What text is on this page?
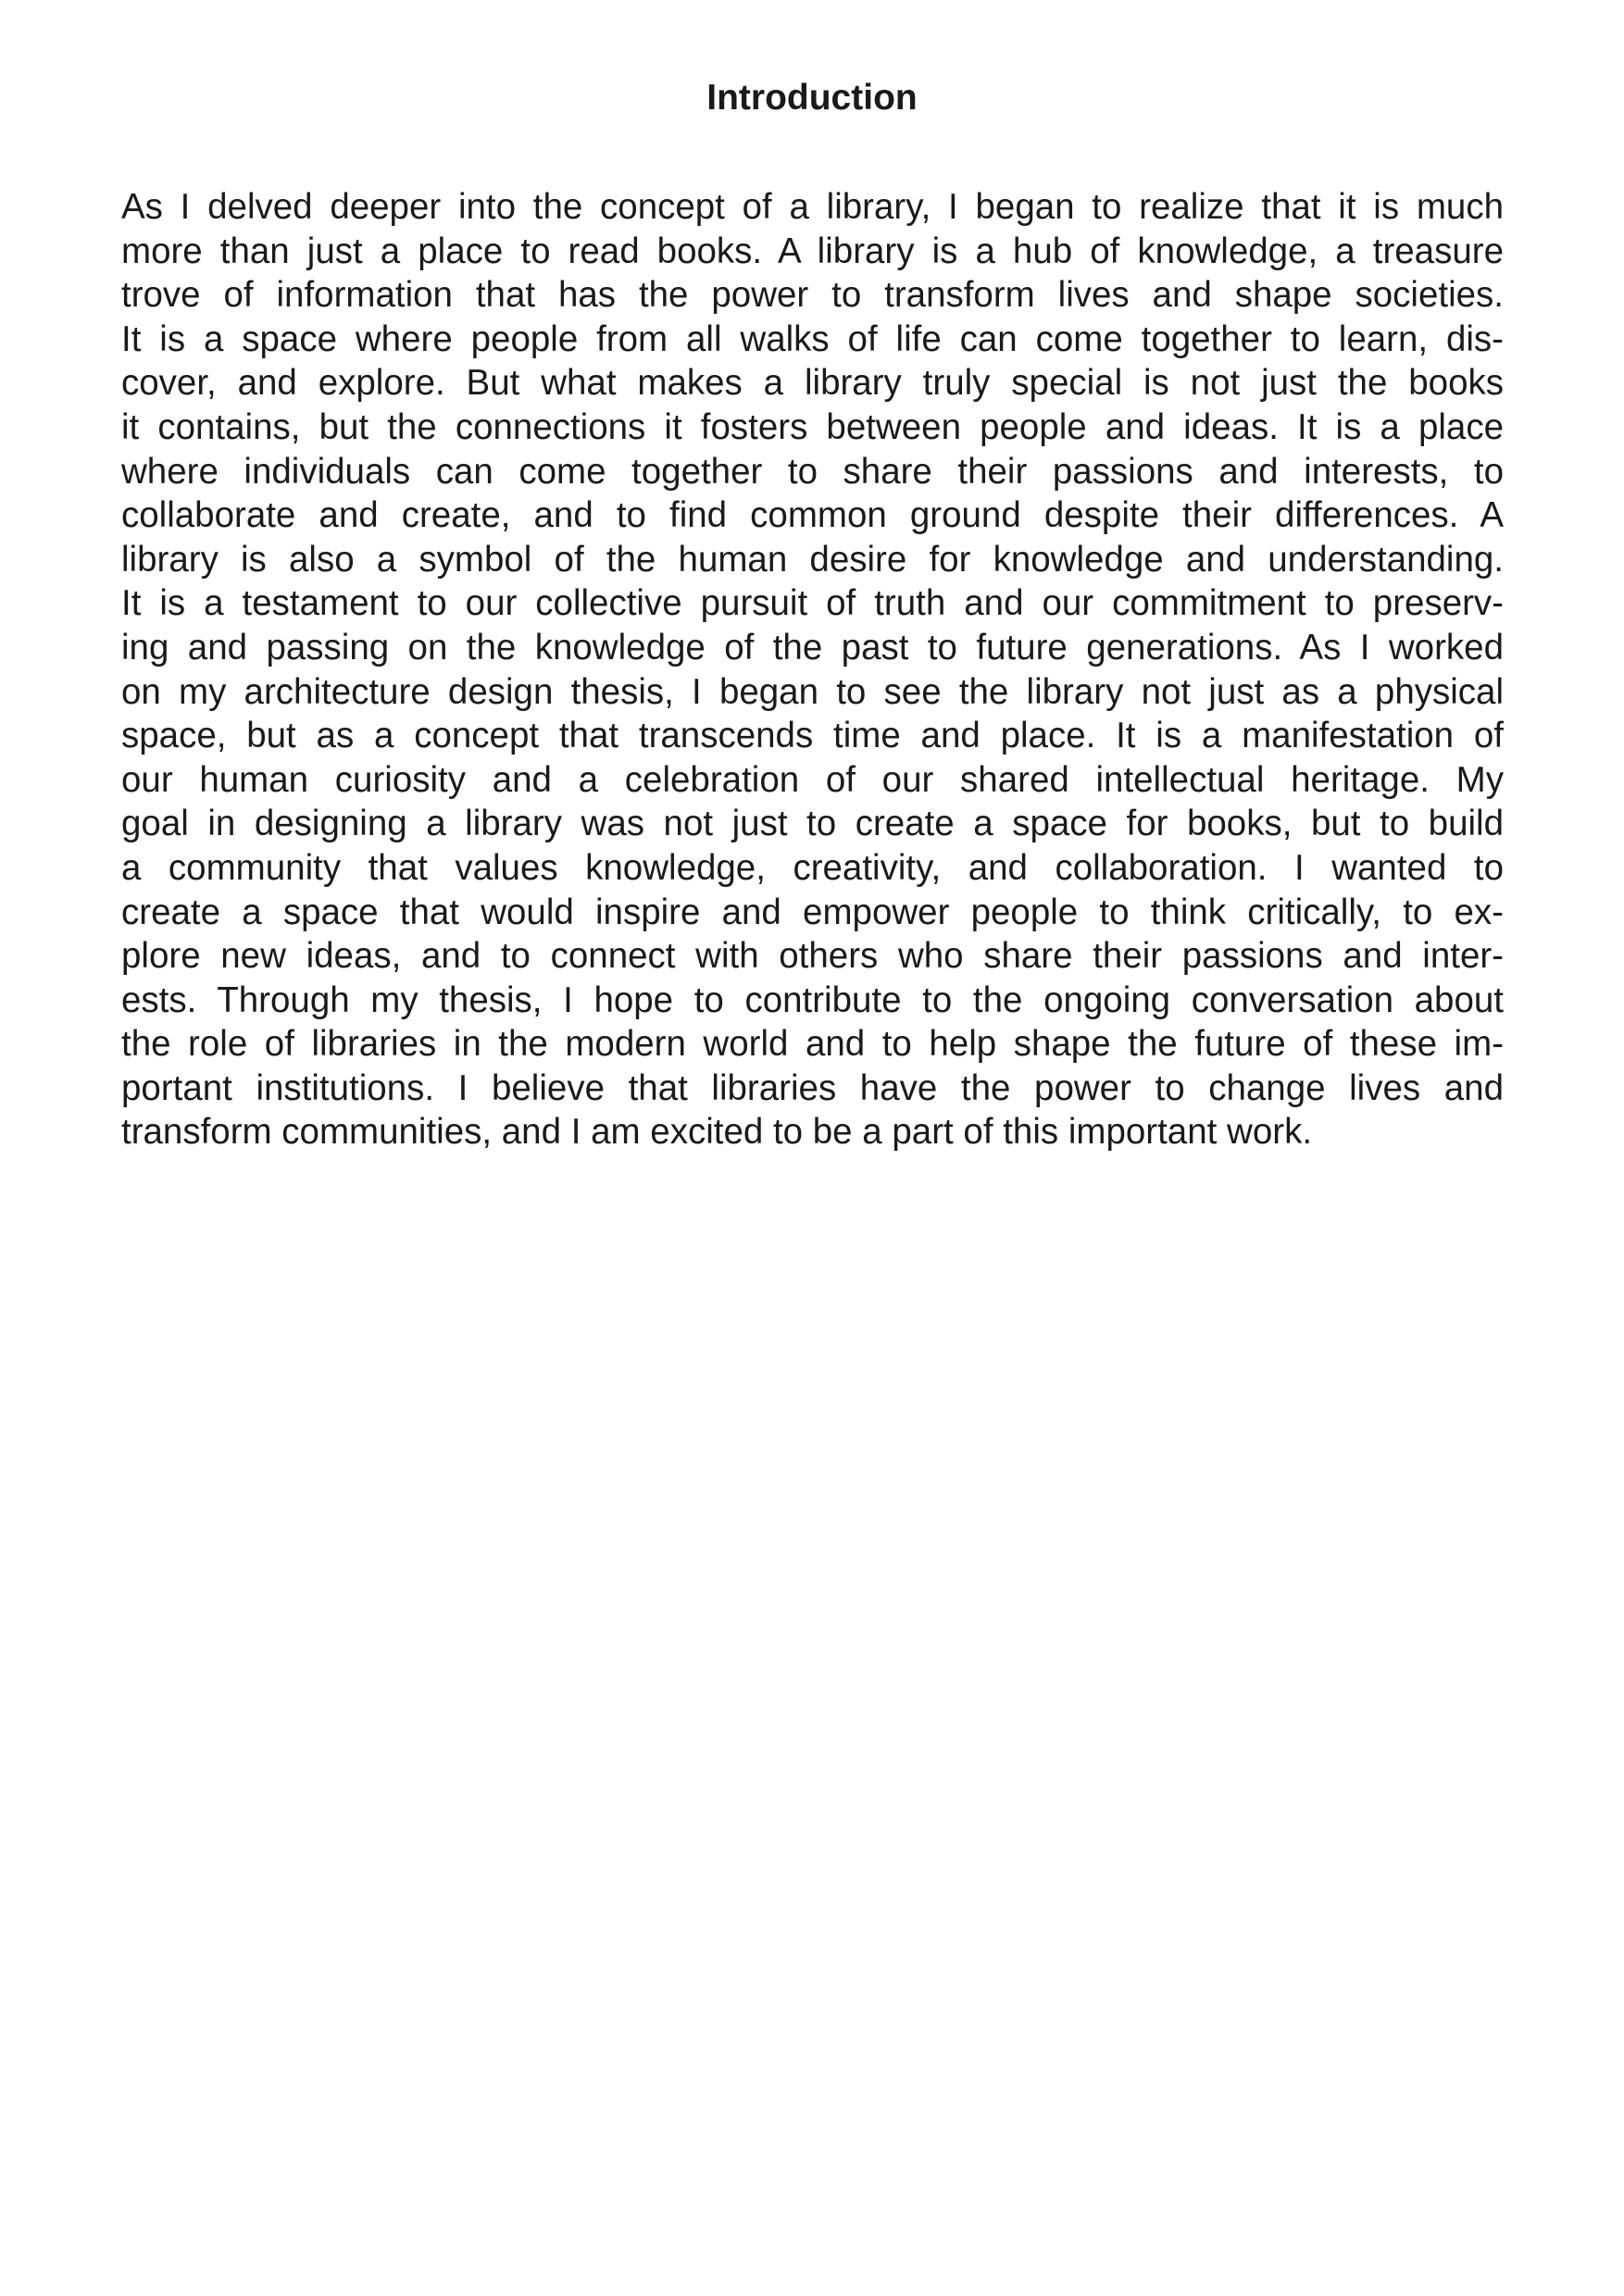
Introduction
As I delved deeper into the concept of a library, I began to realize that it is much
more than just a place to read books. A library is a hub of knowledge, a treasure
trove of information that has the power to transform lives and shape societies.
It is a space where people from all walks of life can come together to learn, dis-
cover, and explore. But what makes a library truly special is not just the books
it contains, but the connections it fosters between people and ideas. It is a place
where individuals can come together to share their passions and interests, to
collaborate and create, and to find common ground despite their differences. A
library is also a symbol of the human desire for knowledge and understanding.
It is a testament to our collective pursuit of truth and our commitment to preserv-
ing and passing on the knowledge of the past to future generations. As I worked
on my architecture design thesis, I began to see the library not just as a physical
space, but as a concept that transcends time and place. It is a manifestation of
our human curiosity and a celebration of our shared intellectual heritage. My
goal in designing a library was not just to create a space for books, but to build
a community that values knowledge, creativity, and collaboration. I wanted to
create a space that would inspire and empower people to think critically, to ex-
plore new ideas, and to connect with others who share their passions and inter-
ests. Through my thesis, I hope to contribute to the ongoing conversation about
the role of libraries in the modern world and to help shape the future of these im-
portant institutions. I believe that libraries have the power to change lives and
transform communities, and I am excited to be a part of this important work.
